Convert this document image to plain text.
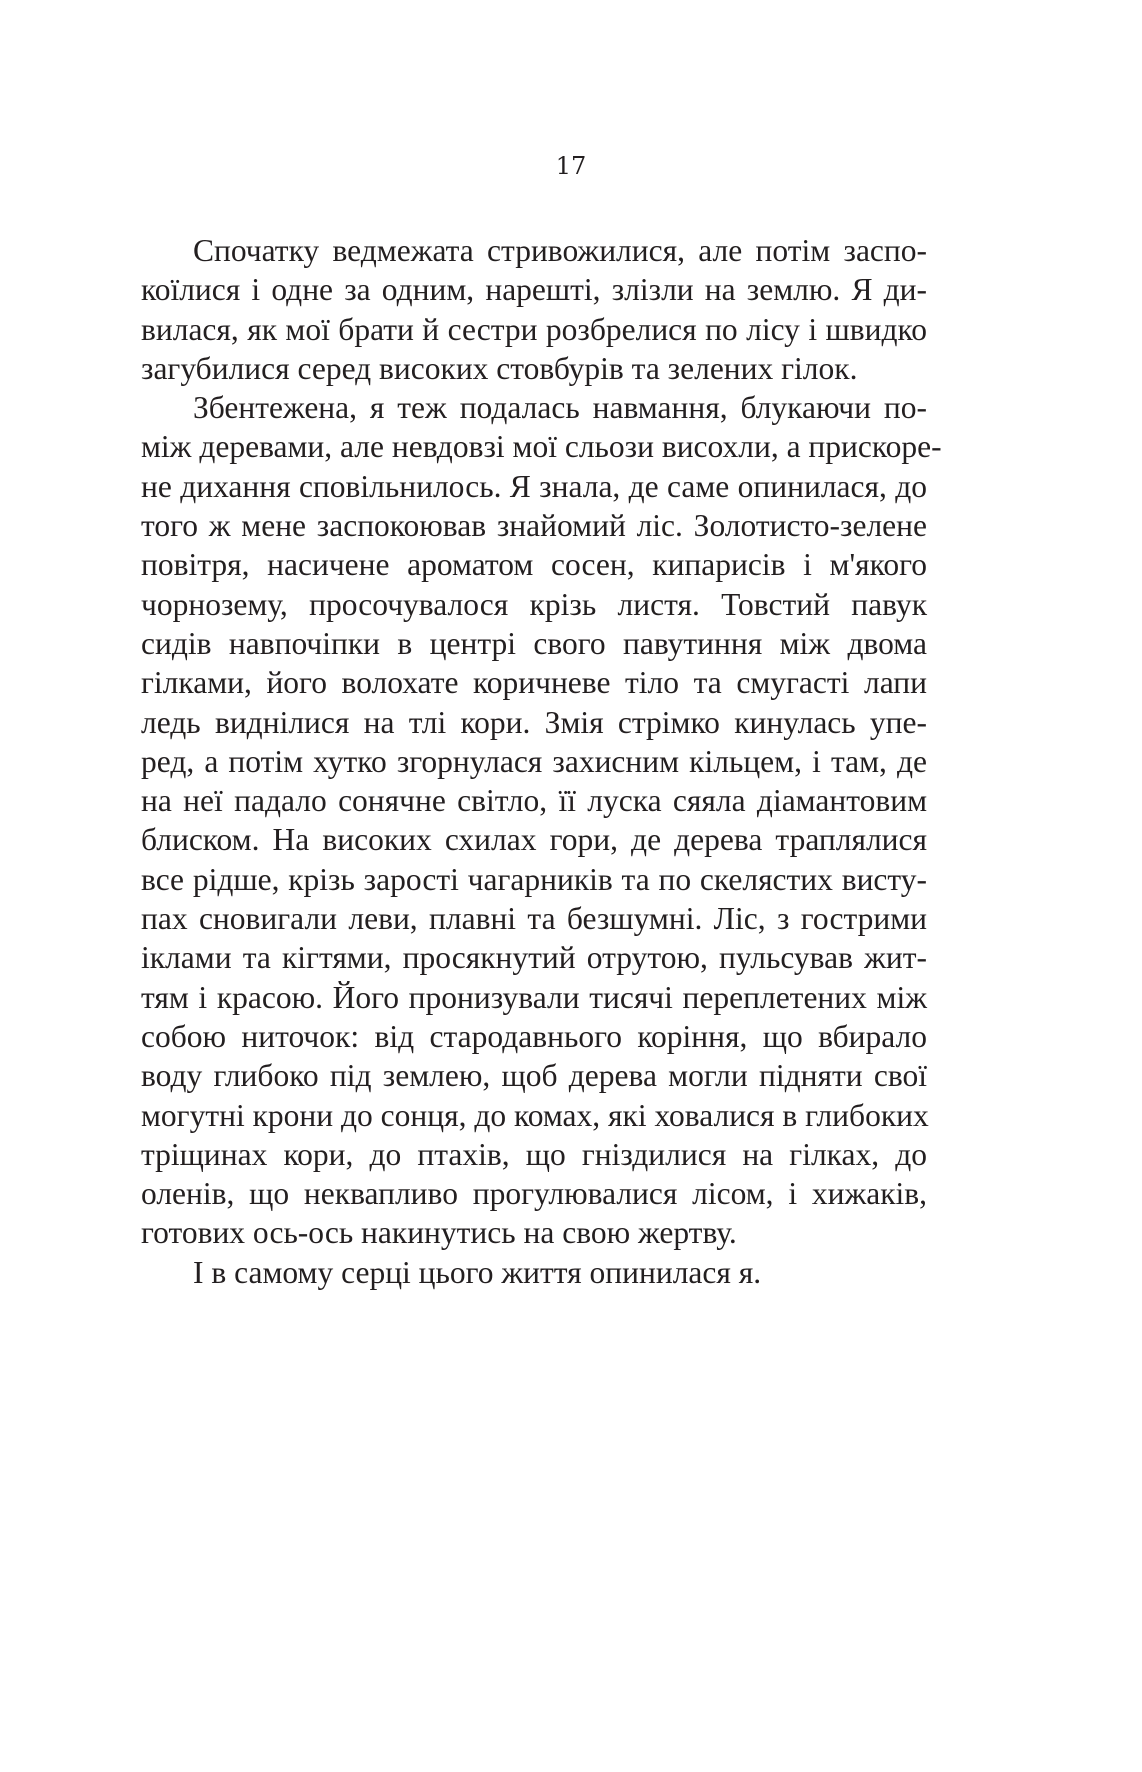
17
Спочатку ведмежата стривожилися, але потім заспо-
коїлися і одне за одним, нарешті, злізли на землю. Я ди-
вилася, як мої брати й сестри розбрелися по лісу і швидко
загубилися серед високих стовбурів та зелених гілок.
Збентежена, я теж подалась навмання, блукаючи по-
між деревами, але невдовзі мої сльози висохли, а прискоре-
не дихання сповільнилось. Я знала, де саме опинилася, до
того ж мене заспокоював знайомий ліс. Золотисто-зелене
повітря, насичене ароматом сосен, кипарисів і м'якого
чорнозему, просочувалося крізь листя. Товстий павук
сидів навпочіпки в центрі свого павутиння між двома
гілками, його волохате коричневе тіло та смугасті лапи
ледь виднілися на тлі кори. Змія стрімко кинулась упе-
ред, а потім хутко згорнулася захисним кільцем, і там, де
на неї падало сонячне світло, її луска сяяла діамантовим
блиском. На високих схилах гори, де дерева траплялися
все рідше, крізь зарості чагарників та по скелястих висту-
пах сновигали леви, плавні та безшумні. Ліс, з гострими
іклами та кігтями, просякнутий отрутою, пульсував жит-
тям і красою. Його пронизували тисячі переплетених між
собою ниточок: від стародавнього коріння, що вбирало
воду глибоко під землею, щоб дерева могли підняти свої
могутні крони до сонця, до комах, які ховалися в глибоких
тріщинах кори, до птахів, що гніздилися на гілках, до
оленів, що неквапливо прогулювалися лісом, і хижаків,
готових ось-ось накинутись на свою жертву.
І в самому серці цього життя опинилася я.
